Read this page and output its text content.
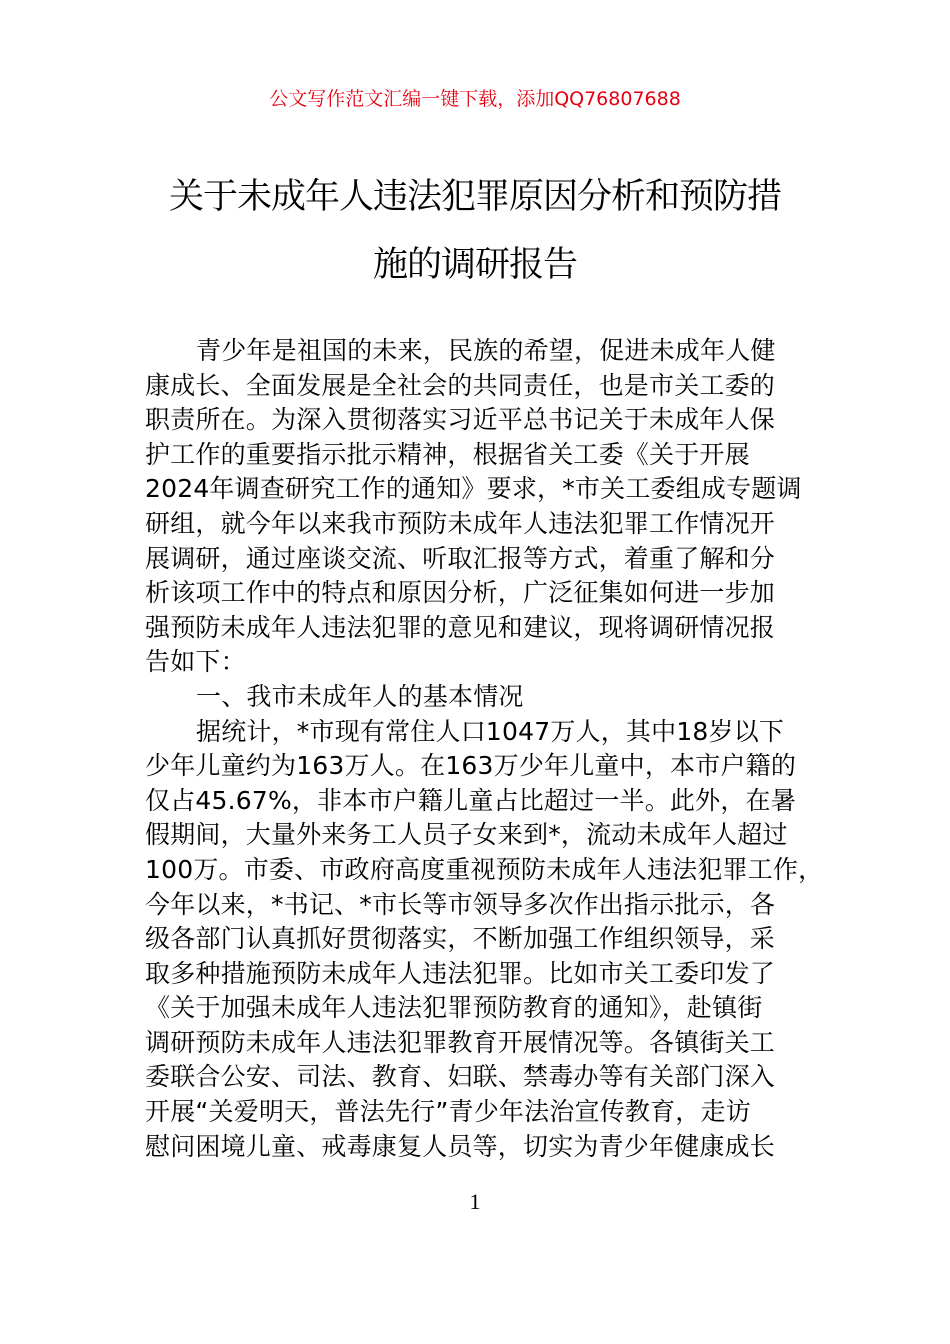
公文写作范文汇编一键下载，添加QQ76807688
关于未成年人违法犯罪原因分析和预防措
施的调研报告
青少年是祖国的未来，民族的希望，促进未成年人健
康成长、全面发展是全社会的共同责任，也是市关工委的
职责所在。为深入贯彻落实习近平总书记关于未成年人保
护工作的重要指示批示精神，根据省关工委《关于开展
2024年调查研究工作的通知》要求，*市关工委组成专题调
研组，就今年以来我市预防未成年人违法犯罪工作情况开
展调研，通过座谈交流、听取汇报等方式，着重了解和分
析该项工作中的特点和原因分析，广泛征集如何进一步加
强预防未成年人违法犯罪的意见和建议，现将调研情况报
告如下：
一、我市未成年人的基本情况
据统计，*市现有常住人口1047万人，其中18岁以下
少年儿童约为163万人。在163万少年儿童中，本市户籍的
仅占45.67%，非本市户籍儿童占比超过一半。此外，在暑
假期间，大量外来务工人员子女来到*，流动未成年人超过
100万。市委、市政府高度重视预防未成年人违法犯罪工作，
今年以来，*书记、*市长等市领导多次作出指示批示，各
级各部门认真抓好贯彻落实，不断加强工作组织领导，采
取多种措施预防未成年人违法犯罪。比如市关工委印发了
《关于加强未成年人违法犯罪预防教育的通知》，赴镇街
调研预防未成年人违法犯罪教育开展情况等。各镇街关工
委联合公安、司法、教育、妇联、禁毒办等有关部门深入
开展“关爱明天，普法先行”青少年法治宣传教育，走访
慰问困境儿童、戒毒康复人员等，切实为青少年健康成长
1
